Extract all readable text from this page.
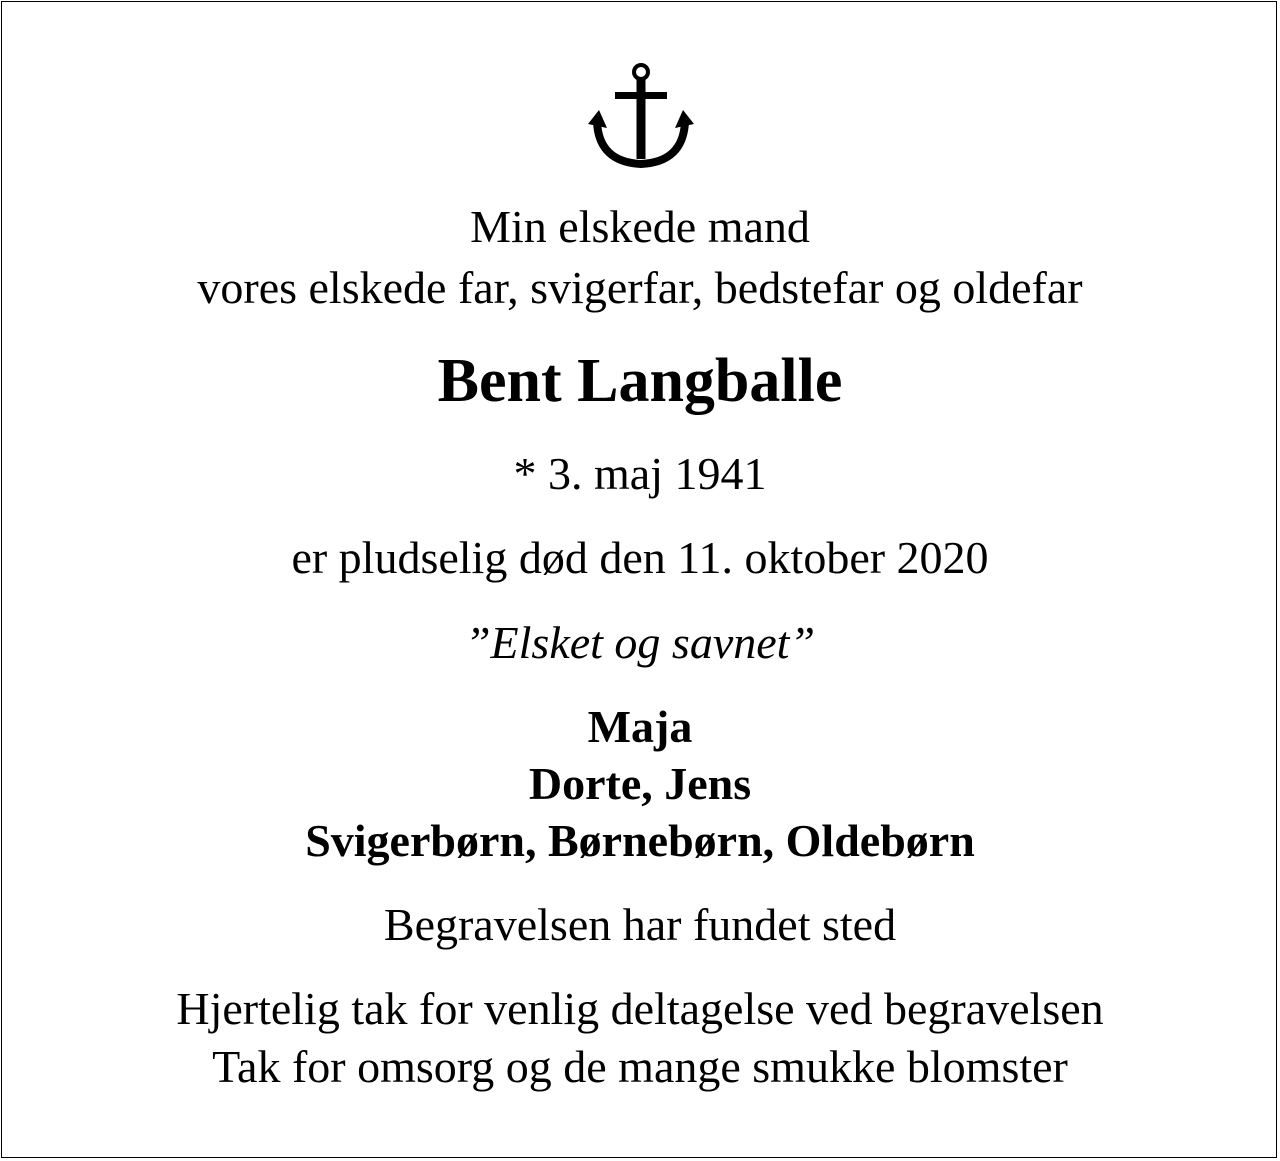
Min elskede mand
vores elskede far, svigerfar, bedstefar og oldefar
Bent Langballe
* 3. maj 1941
er pludselig død den 11. oktober 2020
”Elsket og savnet”
Maja
Dorte, Jens
Svigerbørn, Børnebørn, Oldebørn
Begravelsen har fundet sted
Hjertelig tak for venlig deltagelse ved begravelsen
Tak for omsorg og de mange smukke blomster
